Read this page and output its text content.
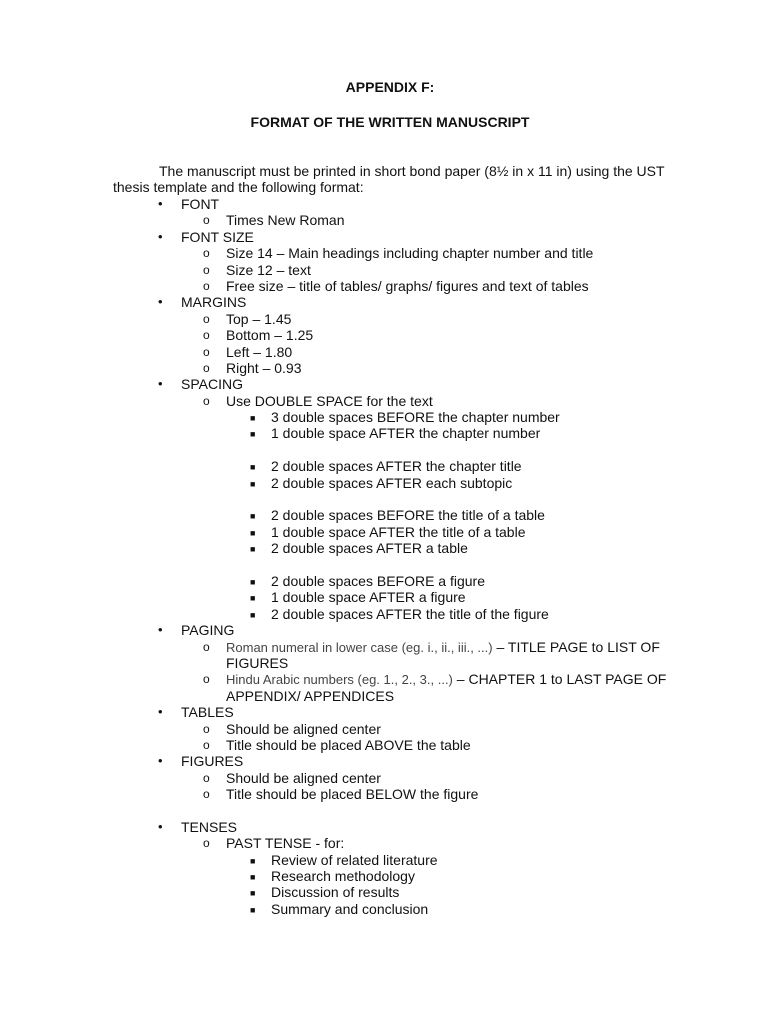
APPENDIX F:
FORMAT OF THE WRITTEN MANUSCRIPT
The manuscript must be printed in short bond paper (8½ in x 11 in) using the UST
thesis template and the following format:
• FONT
o Times New Roman
• FONT SIZE
o Size 14 – Main headings including chapter number and title
o Size 12 – text
o Free size – title of tables/ graphs/ figures and text of tables
• MARGINS
o Top – 1.45
o Bottom – 1.25
o Left – 1.80
o Right – 0.93
• SPACING
o Use DOUBLE SPACE for the text
■ 3 double spaces BEFORE the chapter number
■ 1 double space AFTER the chapter number
■ 2 double spaces AFTER the chapter title
■ 2 double spaces AFTER each subtopic
■ 2 double spaces BEFORE the title of a table
■ 1 double space AFTER the title of a table
■ 2 double spaces AFTER a table
■ 2 double spaces BEFORE a figure
■ 1 double space AFTER a figure
■ 2 double spaces AFTER the title of the figure
• PAGING
o Roman numeral in lower case (eg. i., ii., iii., ...) – TITLE PAGE to LIST OF
FIGURES
o Hindu Arabic numbers (eg. 1., 2., 3., ...) – CHAPTER 1 to LAST PAGE OF
APPENDIX/ APPENDICES
• TABLES
o Should be aligned center
o Title should be placed ABOVE the table
• FIGURES
o Should be aligned center
o Title should be placed BELOW the figure
• TENSES
o PAST TENSE - for:
■ Review of related literature
■ Research methodology
■ Discussion of results
■ Summary and conclusion
